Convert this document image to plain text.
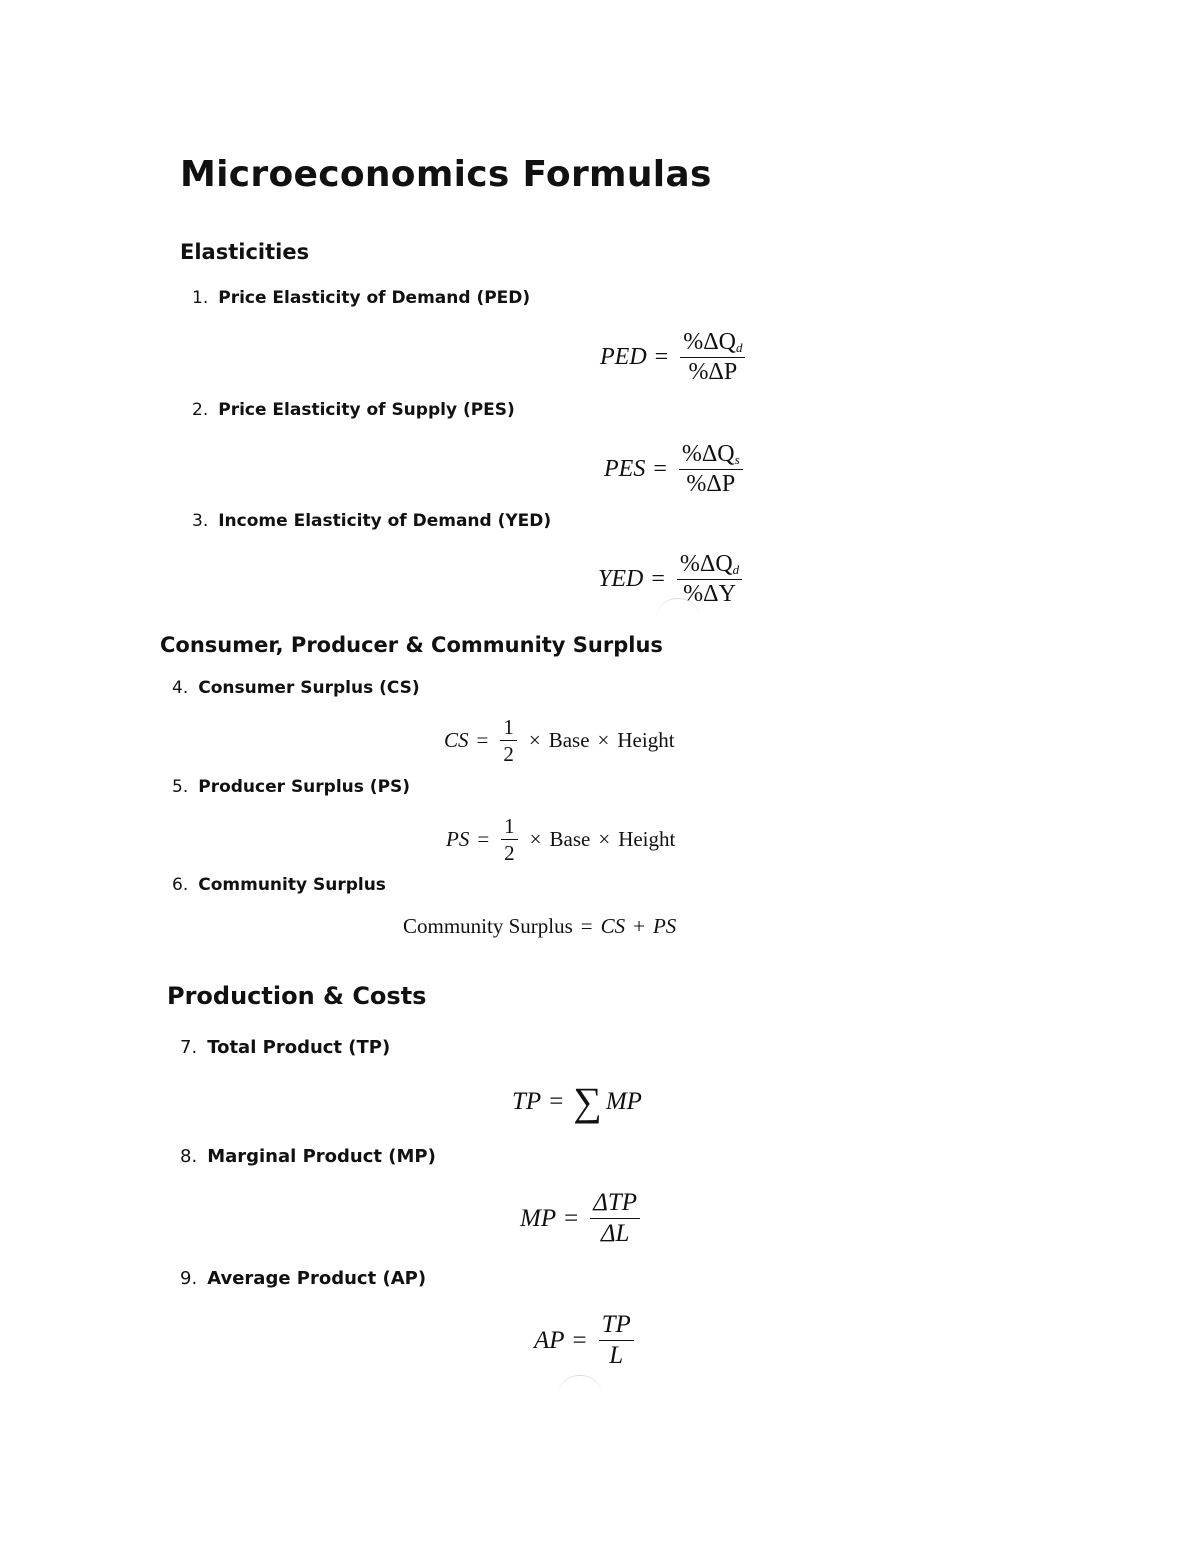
Microeconomics Formulas
Elasticities
1. Price Elasticity of Demand (PED)
PED = $\frac{\%\Delta Q_d}{\%\Delta P}$
2. Price Elasticity of Supply (PES)
PES = $\frac{\%\Delta Q_s}{\%\Delta P}$
3. Income Elasticity of Demand (YED)
YED = $\frac{\%\Delta Q_d}{\%\Delta Y}$
Consumer, Producer & Community Surplus
4. Consumer Surplus (CS)
CS = $\frac{1}{2}$ × Base × Height
5. Producer Surplus (PS)
PS = $\frac{1}{2}$ × Base × Height
6. Community Surplus
Community Surplus = CS + PS
Production & Costs
7. Total Product (TP)
TP = ∑ MP
8. Marginal Product (MP)
MP = $\frac{\text{ΔTP}}{\Delta L}$
9. Average Product (AP)
AP = $\frac{TP}{L}$
